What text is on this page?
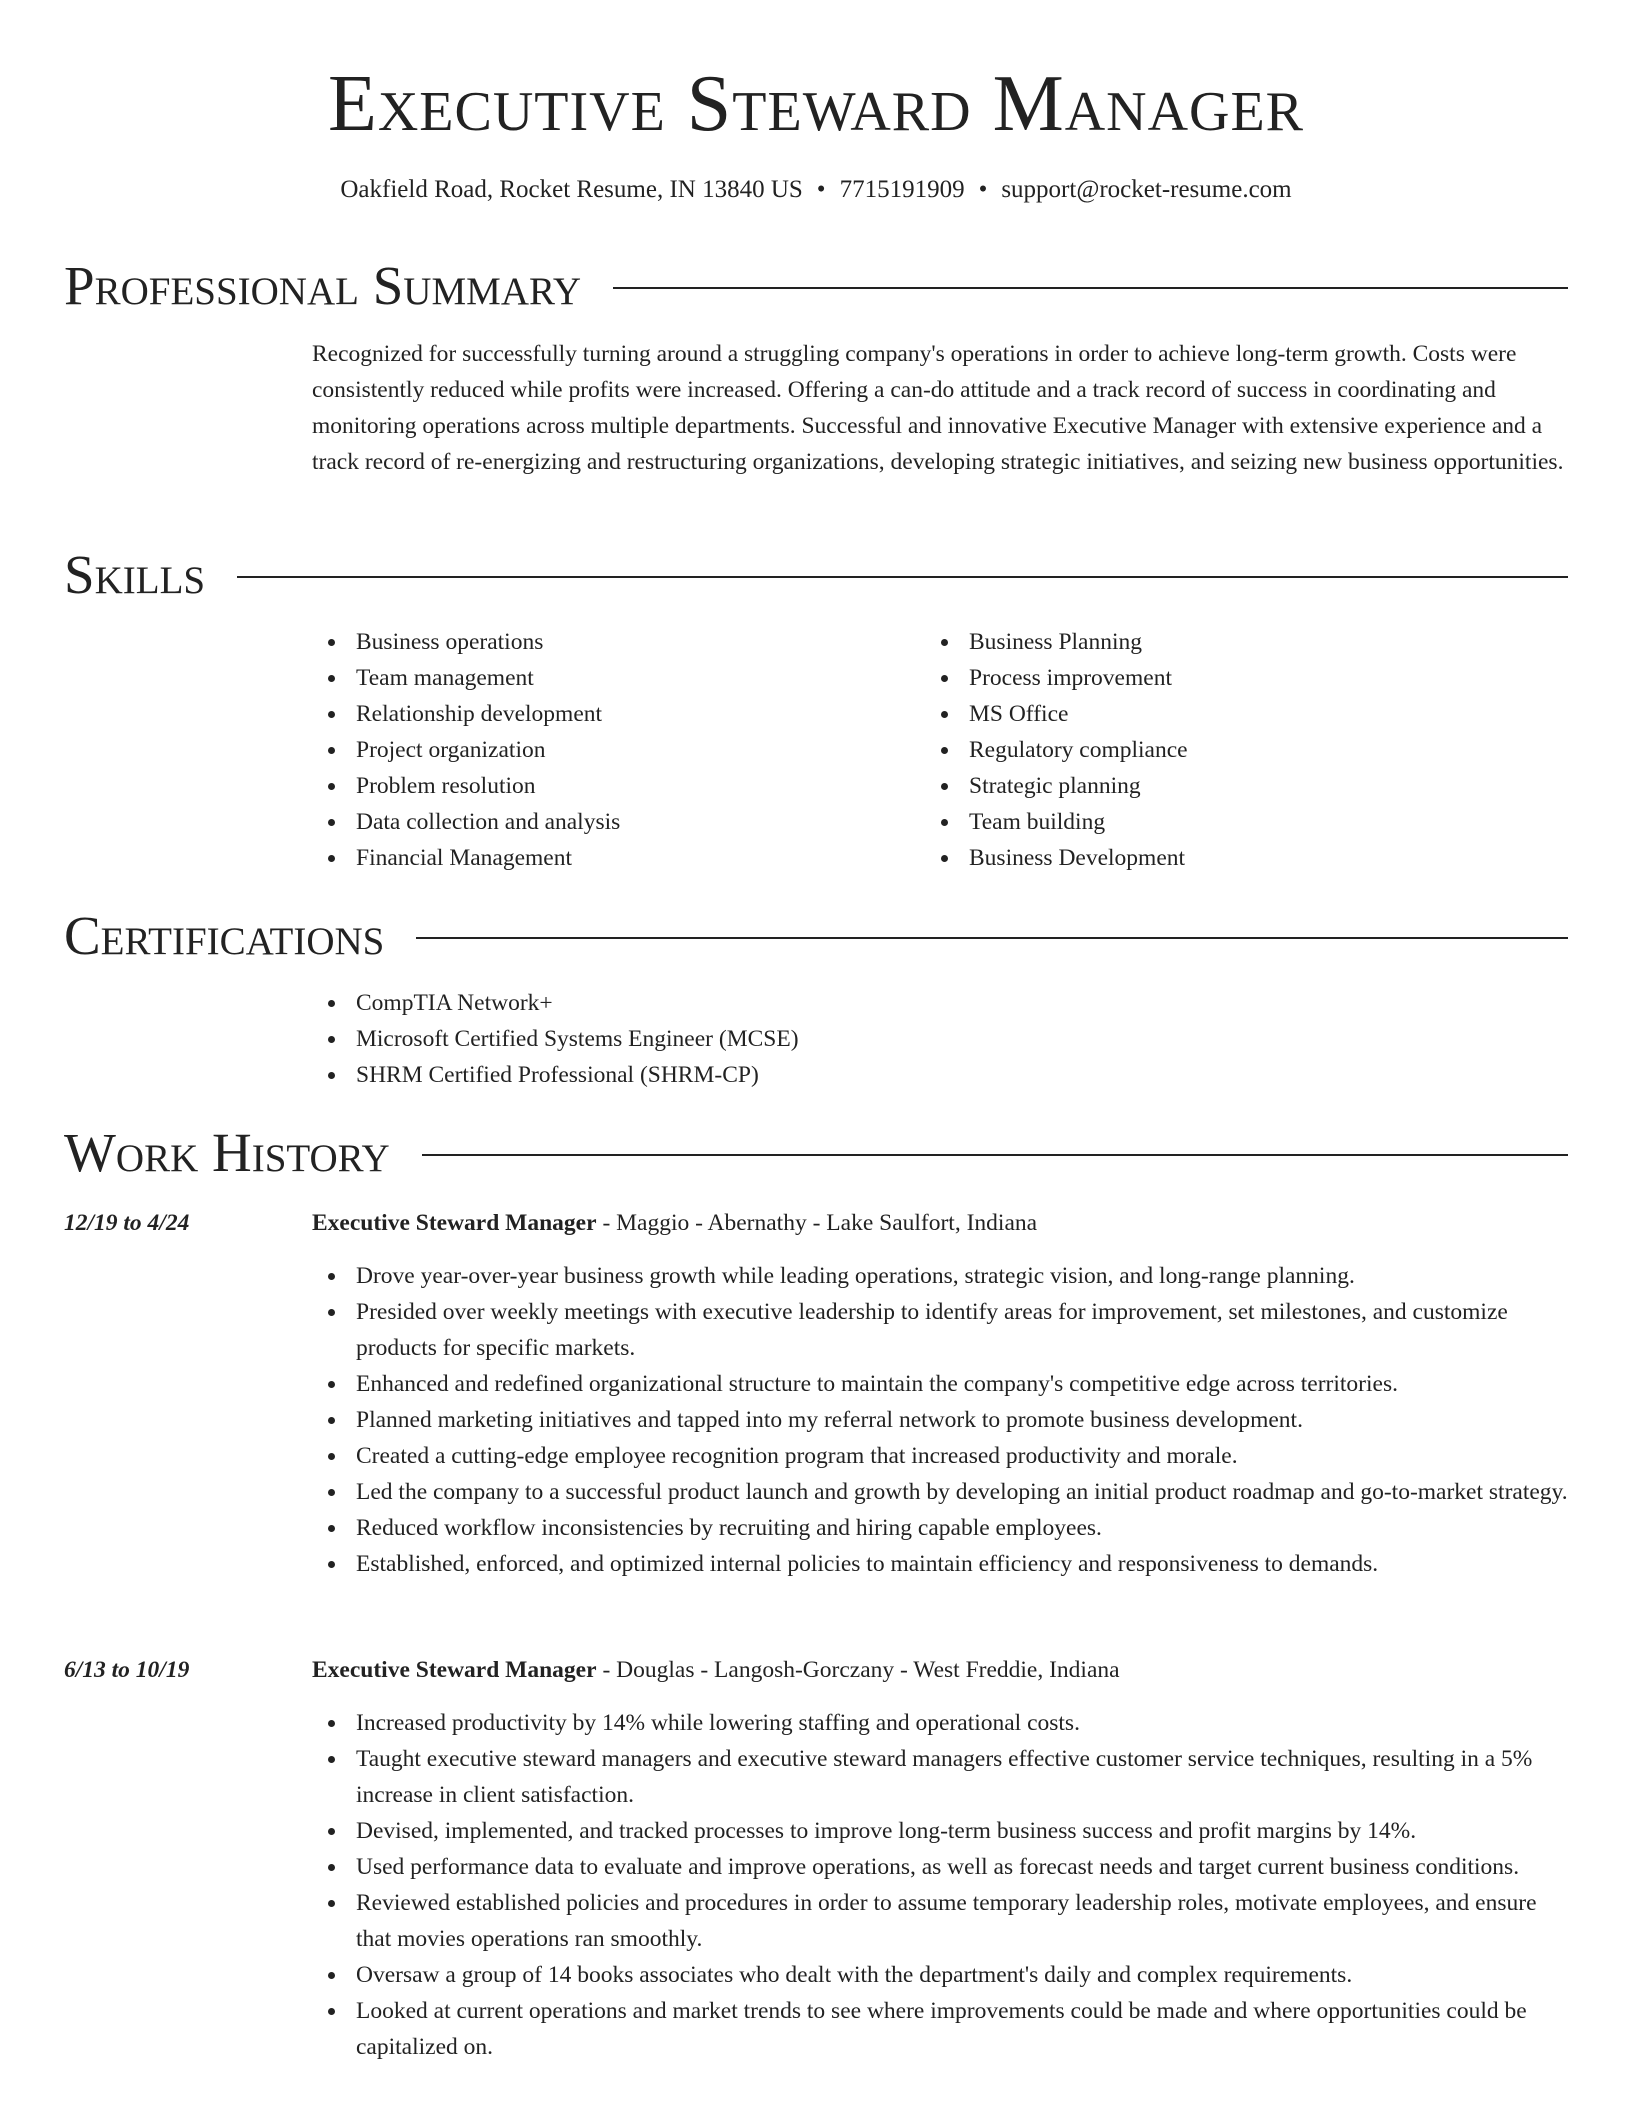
Executive Steward Manager
Oakfield Road, Rocket Resume, IN 13840 US • 7715191909 • support@rocket-resume.com
Professional Summary
Recognized for successfully turning around a struggling company's operations in order to achieve long-term growth. Costs were consistently reduced while profits were increased. Offering a can-do attitude and a track record of success in coordinating and monitoring operations across multiple departments. Successful and innovative Executive Manager with extensive experience and a track record of re-energizing and restructuring organizations, developing strategic initiatives, and seizing new business opportunities.
Skills
Business operations
Team management
Relationship development
Project organization
Problem resolution
Data collection and analysis
Financial Management
Business Planning
Process improvement
MS Office
Regulatory compliance
Strategic planning
Team building
Business Development
Certifications
CompTIA Network+
Microsoft Certified Systems Engineer (MCSE)
SHRM Certified Professional (SHRM-CP)
Work History
12/19 to 4/24	Executive Steward Manager - Maggio - Abernathy - Lake Saulfort, Indiana
Drove year-over-year business growth while leading operations, strategic vision, and long-range planning.
Presided over weekly meetings with executive leadership to identify areas for improvement, set milestones, and customize products for specific markets.
Enhanced and redefined organizational structure to maintain the company's competitive edge across territories.
Planned marketing initiatives and tapped into my referral network to promote business development.
Created a cutting-edge employee recognition program that increased productivity and morale.
Led the company to a successful product launch and growth by developing an initial product roadmap and go-to-market strategy.
Reduced workflow inconsistencies by recruiting and hiring capable employees.
Established, enforced, and optimized internal policies to maintain efficiency and responsiveness to demands.
6/13 to 10/19	Executive Steward Manager - Douglas - Langosh-Gorczany - West Freddie, Indiana
Increased productivity by 14% while lowering staffing and operational costs.
Taught executive steward managers and executive steward managers effective customer service techniques, resulting in a 5% increase in client satisfaction.
Devised, implemented, and tracked processes to improve long-term business success and profit margins by 14%.
Used performance data to evaluate and improve operations, as well as forecast needs and target current business conditions.
Reviewed established policies and procedures in order to assume temporary leadership roles, motivate employees, and ensure that movies operations ran smoothly.
Oversaw a group of 14 books associates who dealt with the department's daily and complex requirements.
Looked at current operations and market trends to see where improvements could be made and where opportunities could be capitalized on.
